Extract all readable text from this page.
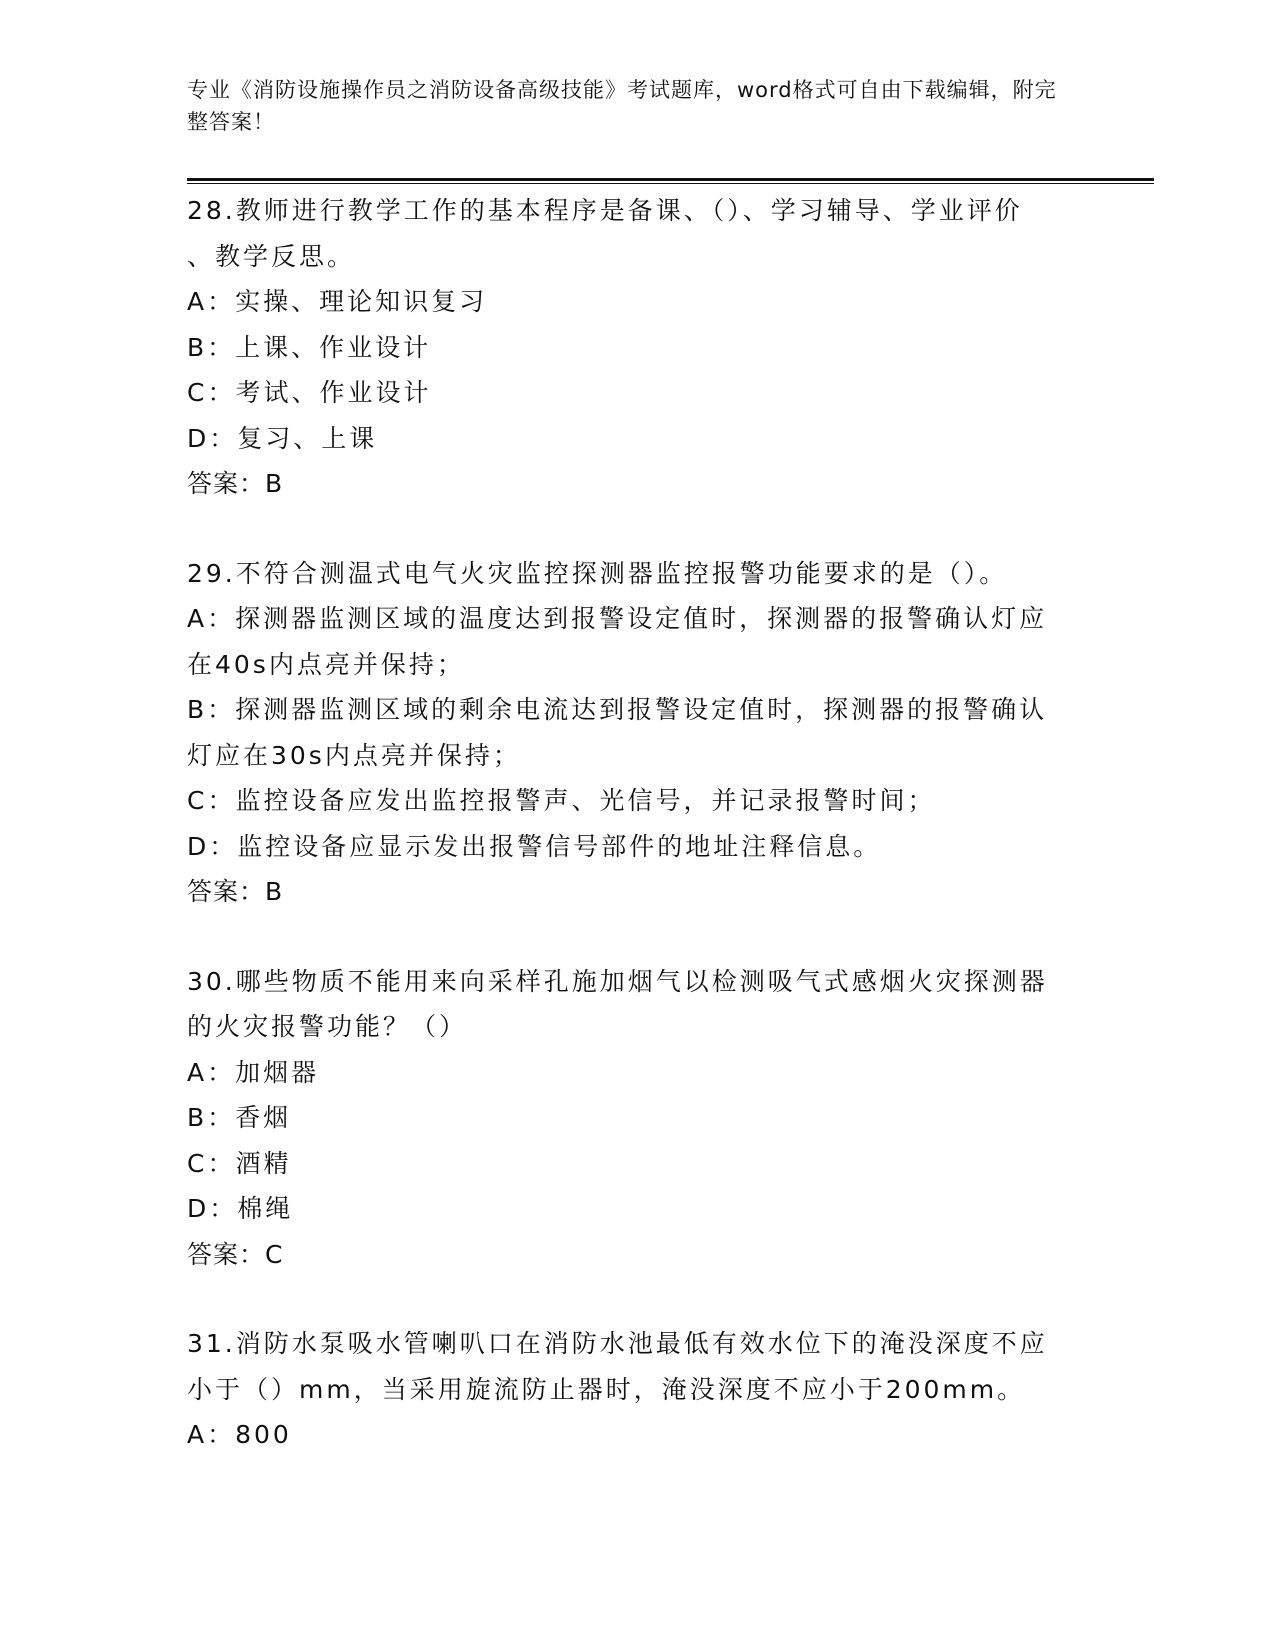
专业《消防设施操作员之消防设备高级技能》考试题库，word格式可自由下载编辑，附完整答案！
28.教师进行教学工作的基本程序是备课、（）、学习辅导、学业评价
、教学反思。
A：实操、理论知识复习
B：上课、作业设计
C：考试、作业设计
D：复习、上课
答案：B
29.不符合测温式电气火灾监控探测器监控报警功能要求的是（）。
A：探测器监测区域的温度达到报警设定值时，探测器的报警确认灯应
在40s内点亮并保持；
B：探测器监测区域的剩余电流达到报警设定值时，探测器的报警确认
灯应在30s内点亮并保持；
C：监控设备应发出监控报警声、光信号，并记录报警时间；
D：监控设备应显示发出报警信号部件的地址注释信息。
答案：B
30.哪些物质不能用来向采样孔施加烟气以检测吸气式感烟火灾探测器
的火灾报警功能？（）
A：加烟器
B：香烟
C：酒精
D：棉绳
答案：C
31.消防水泵吸水管喇叭口在消防水池最低有效水位下的淹没深度不应
小于（）mm，当采用旋流防止器时，淹没深度不应小于200mm。
A：800
